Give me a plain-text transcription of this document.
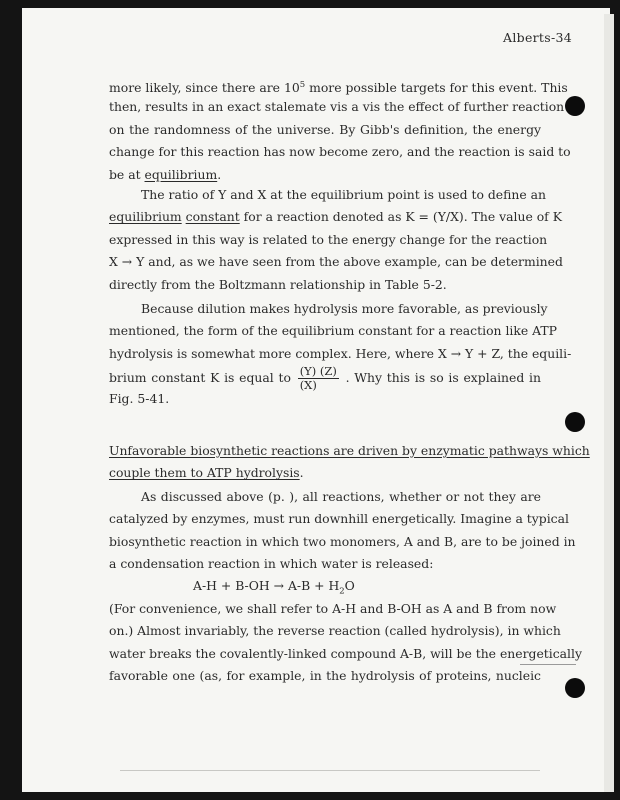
Alberts-34
more likely, since there are $10^5$ more possible targets for this event. This
then, results in an exact stalemate vis a vis the effect of further reaction
on the randomness of the universe. By Gibb's definition, the energy
change for this reaction has now become zero, and the reaction is said to
be at equilibrium.
The ratio of Y and X at the equilibrium point is used to define an
equilibrium constant for a reaction denoted as K = (Y/X). The value of K
expressed in this way is related to the energy change for the reaction
X → Y and, as we have seen from the above example, can be determined
directly from the Boltzmann relationship in Table 5-2.
Because dilution makes hydrolysis more favorable, as previously
mentioned, the form of the equilibrium constant for a reaction like ATP
hydrolysis is somewhat more complex. Here, where X → Y + Z, the equili-
brium constant K is equal to $\frac{(Y) (Z)}{(X)}$ . Why this is so is explained in
Fig. 5-41.
Unfavorable biosynthetic reactions are driven by enzymatic pathways which
couple them to ATP hydrolysis.
As discussed above (p. ), all reactions, whether or not they are
catalyzed by enzymes, must run downhill energetically. Imagine a typical
biosynthetic reaction in which two monomers, A and B, are to be joined in
a condensation reaction in which water is released:
$A-H + B-OH \to A-B + H_2O$
(For convenience, we shall refer to A-H and B-OH as A and B from now
on.) Almost invariably, the reverse reaction (called hydrolysis), in which
water breaks the covalently-linked compound A-B, will be the energetically
favorable one (as, for example, in the hydrolysis of proteins, nucleic
